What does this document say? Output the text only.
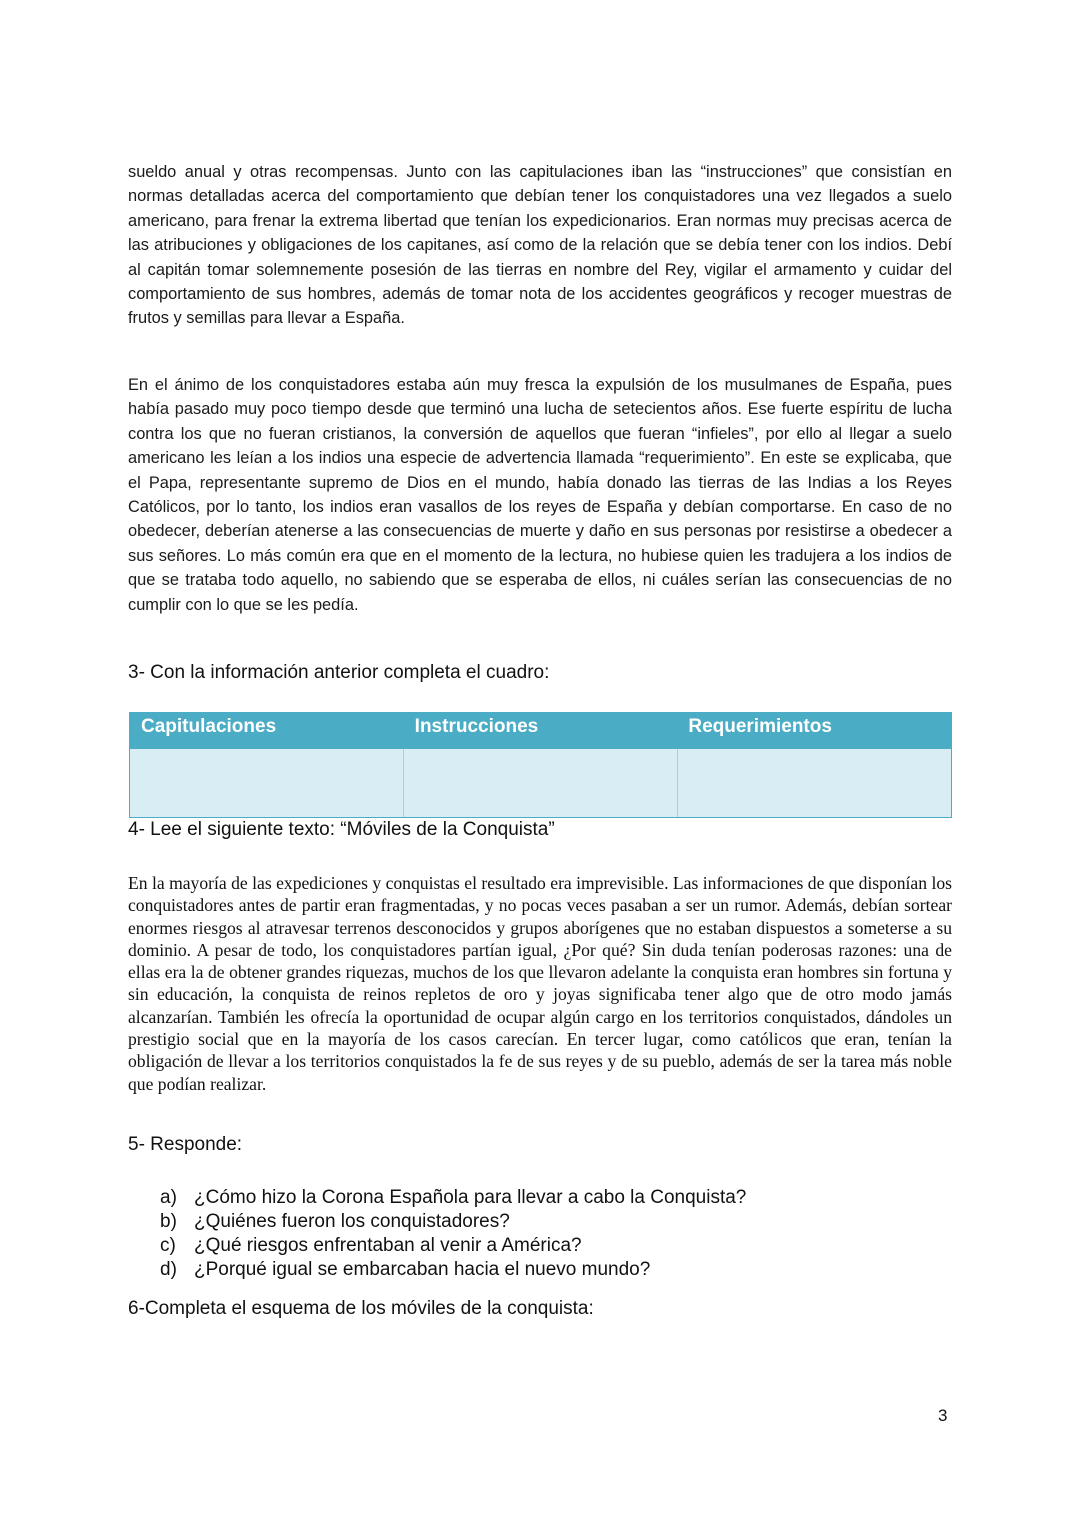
sueldo anual y otras recompensas. Junto con las capitulaciones iban las “instrucciones” que consistían en normas detalladas acerca del comportamiento que debían tener los conquistadores una vez llegados a suelo americano, para frenar la extrema libertad que tenían los expedicionarios. Eran normas muy precisas acerca de las atribuciones y obligaciones de los capitanes, así como de la relación que se debía tener con los indios. Debí al capitán tomar solemnemente posesión de las tierras en nombre del Rey, vigilar el armamento y cuidar del comportamiento de sus hombres, además de tomar nota de los accidentes geográficos y recoger muestras de frutos y semillas para llevar a España.

En el ánimo de los conquistadores estaba aún muy fresca la expulsión de los musulmanes de España, pues había pasado muy poco tiempo desde que terminó una lucha de setecientos años. Ese fuerte espíritu de lucha contra los que no fueran cristianos, la conversión de aquellos que fueran “infieles”, por ello al llegar a suelo americano les leían a los indios una especie de advertencia llamada “requerimiento”. En este se explicaba, que el Papa, representante supremo de Dios en el mundo, había donado las tierras de las Indias a los Reyes Católicos, por lo tanto, los indios eran vasallos de los reyes de España y debían comportarse. En caso de no obedecer, deberían atenerse a las consecuencias de muerte y daño en sus personas por resistirse a obedecer a sus señores. Lo más común era que en el momento de la lectura, no hubiese quien les tradujera a los indios de que se trataba todo aquello, no sabiendo que se esperaba de ellos, ni cuáles serían las consecuencias de no cumplir con lo que se les pedía.

3- Con la información anterior completa el cuadro:

Capitulaciones	Instrucciones	Requerimientos

4- Lee el siguiente texto: “Móviles de la Conquista”

En la mayoría de las expediciones y conquistas el resultado era imprevisible. Las informaciones de que disponían los conquistadores antes de partir eran fragmentadas, y no pocas veces pasaban a ser un rumor. Además, debían sortear enormes riesgos al atravesar terrenos desconocidos y grupos aborígenes que no estaban dispuestos a someterse a su dominio. A pesar de todo, los conquistadores partían igual, ¿Por qué? Sin duda tenían poderosas razones: una de ellas era la de obtener grandes riquezas, muchos de los que llevaron adelante la conquista eran hombres sin fortuna y sin educación, la conquista de reinos repletos de oro y joyas significaba tener algo que de otro modo jamás alcanzarían. También les ofrecía la oportunidad de ocupar algún cargo en los territorios conquistados, dándoles un prestigio social que en la mayoría de los casos carecían. En tercer lugar, como católicos que eran, tenían la obligación de llevar a los territorios conquistados la fe de sus reyes y de su pueblo, además de ser la tarea más noble que podían realizar.

5- Responde:

a) ¿Cómo hizo la Corona Española para llevar a cabo la Conquista?
b) ¿Quiénes fueron los conquistadores?
c) ¿Qué riesgos enfrentaban al venir a América?
d) ¿Porqué igual se embarcaban hacia el nuevo mundo?

6-Completa el esquema de los móviles de la conquista:

3
